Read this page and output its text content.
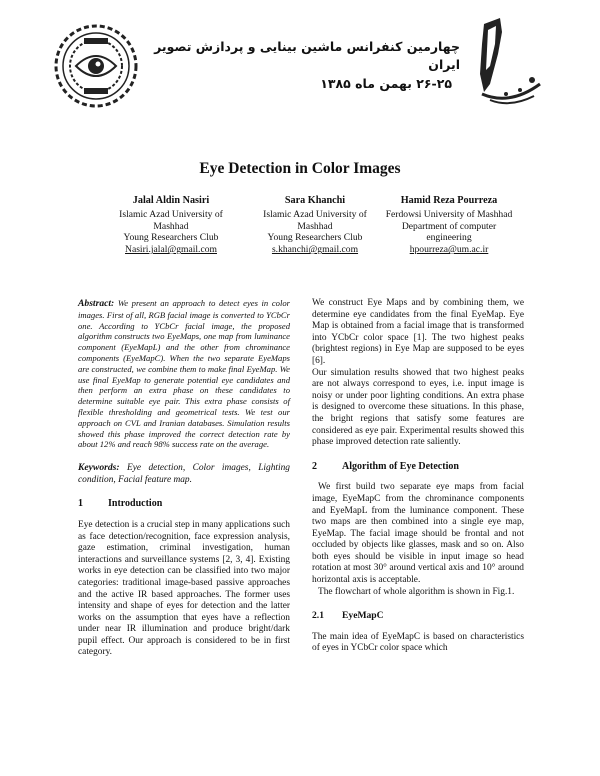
چهارمین کنفرانس ماشین بینایی و پردازش تصویر ایران
۲۶-۲۵ بهمن ماه ۱۳۸۵
Eye Detection in Color Images
Jalal Aldin Nasiri
Islamic Azad University of
Mashhad
Young Researchers Club
Nasiri.jalal@gmail.com
Sara Khanchi
Islamic Azad University of
Mashhad
Young Researchers Club
s.khanchi@gmail.com
Hamid Reza Pourreza
Ferdowsi University of Mashhad
Department of computer
engineering
hpourreza@um.ac.ir

Abstract: We present an approach to detect eyes in color images. First of all, RGB facial image is converted to YCbCr one. According to YCbCr facial image, the proposed algorithm constructs two EyeMaps, one map from luminance component (EyeMapL) and the other from chrominance components (EyeMapC). When the two separate EyeMaps are constructed, we combine them to make final EyeMap. We use final EyeMap to generate potential eye candidates and then perform an extra phase on these candidates to determine suitable eye pair. This extra phase consists of flexible thresholding and geometrical tests. We test our approach on CVL and Iranian databases. Simulation results showed this phase improved the correct detection rate by about 12% and reach 98% success rate on the average.

Keywords: Eye detection, Color images, Lighting condition, Facial feature map.

1	Introduction

Eye detection is a crucial step in many applications such as face detection/recognition, face expression analysis, gaze estimation, criminal investigation, human interactions and surveillance systems [2, 3, 4]. Existing works in eye detection can be classified into two major categories: traditional image-based passive approaches and the active IR based approaches. The former uses intensity and shape of eyes for detection and the latter works on the assumption that eyes have a reflection under near IR illumination and produce bright/dark pupil effect. Our approach is considered to be in first category.

We construct Eye Maps and by combining them, we determine eye candidates from the final EyeMap. Eye Map is obtained from a facial image that is transformed into YCbCr color space [1]. The two highest peaks (brightest regions) in Eye Map are supposed to be eyes [6].

Our simulation results showed that two highest peaks are not always correspond to eyes, i.e. input image is noisy or under poor lighting conditions. An extra phase is designed to overcome these situations. In this phase, the bright regions that satisfy some features are considered as eye pair. Experimental results showed this phase improved detection rate saliently.

2	Algorithm of Eye Detection

We first build two separate eye maps from facial image, EyeMapC from the chrominance components and EyeMapL from the luminance component. These two maps are then combined into a single eye map, EyeMap. The facial image should be frontal and not occluded by objects like glasses, mask and so on. Also both eyes should be visible in input image so head rotation at most 30° around vertical axis and 10° around horizontal axis is acceptable.

The flowchart of whole algorithm is shown in Fig.1.

2.1	EyeMapC

The main idea of EyeMapC is based on characteristics of eyes in YCbCr color space which
